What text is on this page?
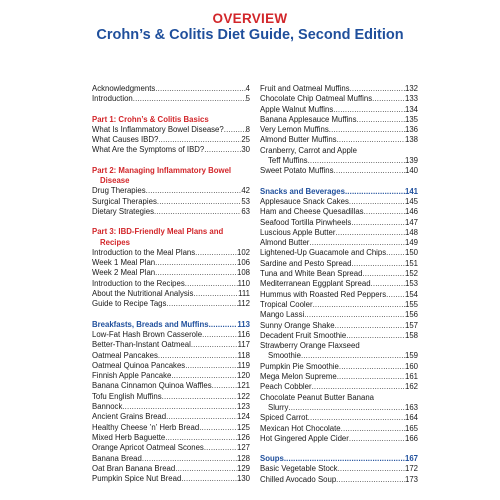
OVERVIEW
Crohn’s & Colitis Diet Guide, Second Edition
Acknowledgments . . .	4
Introduction . . .	5
Part 1: Crohn’s & Colitis Basics
What Is Inflammatory Bowel Disease? . . .	8
What Causes IBD? . . .	25
What Are the Symptoms of IBD? . . .	30
Part 2: Managing Inflammatory Bowel
Disease
Drug Therapies . . .	42
Surgical Therapies . . .	53
Dietary Strategies . . .	63
Part 3: IBD-Friendly Meal Plans and
Recipes
Introduction to the Meal Plans . . .	102
Week 1 Meal Plan . . .	106
Week 2 Meal Plan . . .	108
Introduction to the Recipes . . .	110
About the Nutritional Analysis . . .	111
Guide to Recipe Tags . . .	112
Breakfasts, Breads and Muffins . . .	113
Low-Fat Hash Brown Casserole . . .	116
Better-Than-Instant Oatmeal . . .	117
Oatmeal Pancakes . . .	118
Oatmeal Quinoa Pancakes . . .	119
Finnish Apple Pancake . . .	120
Banana Cinnamon Quinoa Waffles . . .	121
Tofu English Muffins . . .	122
Bannock . . .	123
Ancient Grains Bread . . .	124
Healthy Cheese ’n’ Herb Bread . . .	125
Mixed Herb Baguette . . .	126
Orange Apricot Oatmeal Scones . . .	127
Banana Bread . . .	128
Oat Bran Banana Bread . . .	129
Pumpkin Spice Nut Bread . . .	130
Fruit and Oatmeal Muffins . . .	132
Chocolate Chip Oatmeal Muffins . . .	133
Apple Walnut Muffins . . .	134
Banana Applesauce Muffins . . .	135
Very Lemon Muffins . . .	136
Almond Butter Muffins . . .	138
Cranberry, Carrot and Apple
Teff Muffins . . .	139
Sweet Potato Muffins . . .	140
Snacks and Beverages . . .	141
Applesauce Snack Cakes . . .	145
Ham and Cheese Quesadillas . . .	146
Seafood Tortilla Pinwheels . . .	147
Luscious Apple Butter . . .	148
Almond Butter . . .	149
Lightened-Up Guacamole and Chips . . . 150
Sardine and Pesto Spread . . .	151
Tuna and White Bean Spread . . .	152
Mediterranean Eggplant Spread . . .	153
Hummus with Roasted Red Peppers . . . 154
Tropical Cooler . . .	155
Mango Lassi . . .	156
Sunny Orange Shake . . .	157
Decadent Fruit Smoothie . . .	158
Strawberry Orange Flaxseed
Smoothie . . .	159
Pumpkin Pie Smoothie . . .	160
Mega Melon Supreme . . .	161
Peach Cobbler . . .	162
Chocolate Peanut Butter Banana
Slurry . . .	163
Spiced Carrot . . .	164
Mexican Hot Chocolate . . .	165
Hot Gingered Apple Cider . . .	166
Soups . . .	167
Basic Vegetable Stock . . .	172
Chilled Avocado Soup . . .	173
